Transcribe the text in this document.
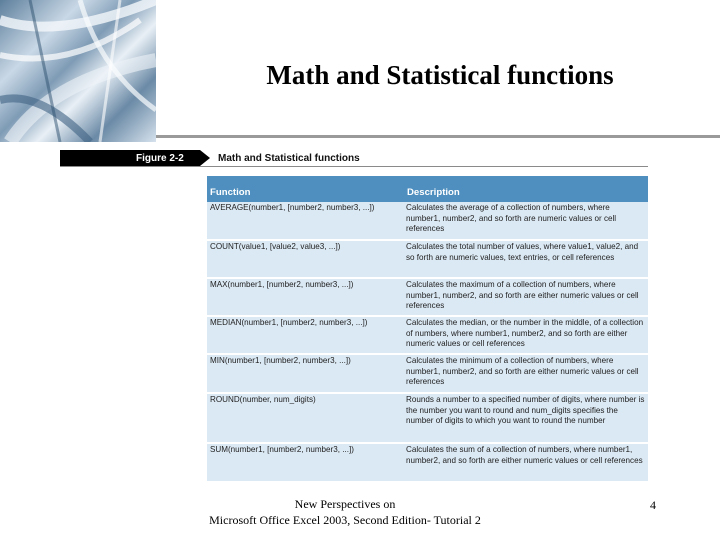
Math and Statistical functions
Figure 2-2	Math and Statistical functions
Function	Description
AVERAGE(number1, [number2, number3, ...])	Calculates the average of a collection of numbers, where number1, number2, and so forth are numeric values or cell references
COUNT(value1, [value2, value3, ...])	Calculates the total number of values, where value1, value2, and so forth are numeric values, text entries, or cell references
MAX(number1, [number2, number3, ...])	Calculates the maximum of a collection of numbers, where number1, number2, and so forth are either numeric values or cell references
MEDIAN(number1, [number2, number3, ...])	Calculates the median, or the number in the middle, of a collection of numbers, where number1, number2, and so forth are either numeric values or cell references
MIN(number1, [number2, number3, ...])	Calculates the minimum of a collection of numbers, where number1, number2, and so forth are either numeric values or cell references
ROUND(number, num_digits)	Rounds a number to a specified number of digits, where number is the number you want to round and num_digits specifies the number of digits to which you want to round the number
SUM(number1, [number2, number3, ...])	Calculates the sum of a collection of numbers, where number1, number2, and so forth are either numeric values or cell references
New Perspectives on
Microsoft Office Excel 2003, Second Edition- Tutorial 2
4
